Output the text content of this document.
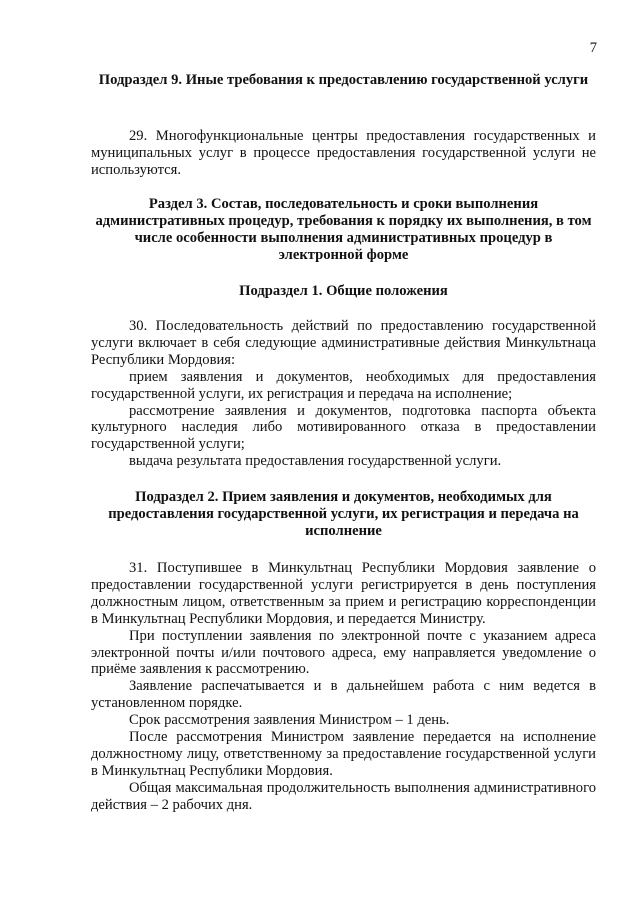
7
Подраздел 9. Иные требования к предоставлению государственной услуги

29. Многофункциональные центры предоставления государственных и муниципальных услуг в процессе предоставления государственной услуги не используются.

Раздел 3. Состав, последовательность и сроки выполнения административных процедур, требования к порядку их выполнения, в том числе особенности выполнения административных процедур в электронной форме
Подраздел 1. Общие положения

30. Последовательность действий по предоставлению государственной услуги включает в себя следующие административные действия Минкультнаца Республики Мордовия:

прием заявления и документов, необходимых для предоставления государственной услуги, их регистрация и передача на исполнение;

рассмотрение заявления и документов, подготовка паспорта объекта культурного наследия либо мотивированного отказа в предоставлении государственной услуги;

выдача результата предоставления государственной услуги.

Подраздел 2. Прием заявления и документов, необходимых для предоставления государственной услуги, их регистрация и передача на исполнение

31. Поступившее в Минкультнац Республики Мордовия заявление о предоставлении государственной услуги регистрируется в день поступления должностным лицом, ответственным за прием и регистрацию корреспонденции в Минкультнац Республики Мордовия, и передается Министру.

При поступлении заявления по электронной почте с указанием адреса электронной почты и/или почтового адреса, ему направляется уведомление о приёме заявления к рассмотрению.

Заявление распечатывается и в дальнейшем работа с ним ведется в установленном порядке.

Срок рассмотрения заявления Министром – 1 день.

После рассмотрения Министром заявление передается на исполнение должностному лицу, ответственному за предоставление государственной услуги в Минкультнац Республики Мордовия.

Общая максимальная продолжительность выполнения административного действия – 2 рабочих дня.
